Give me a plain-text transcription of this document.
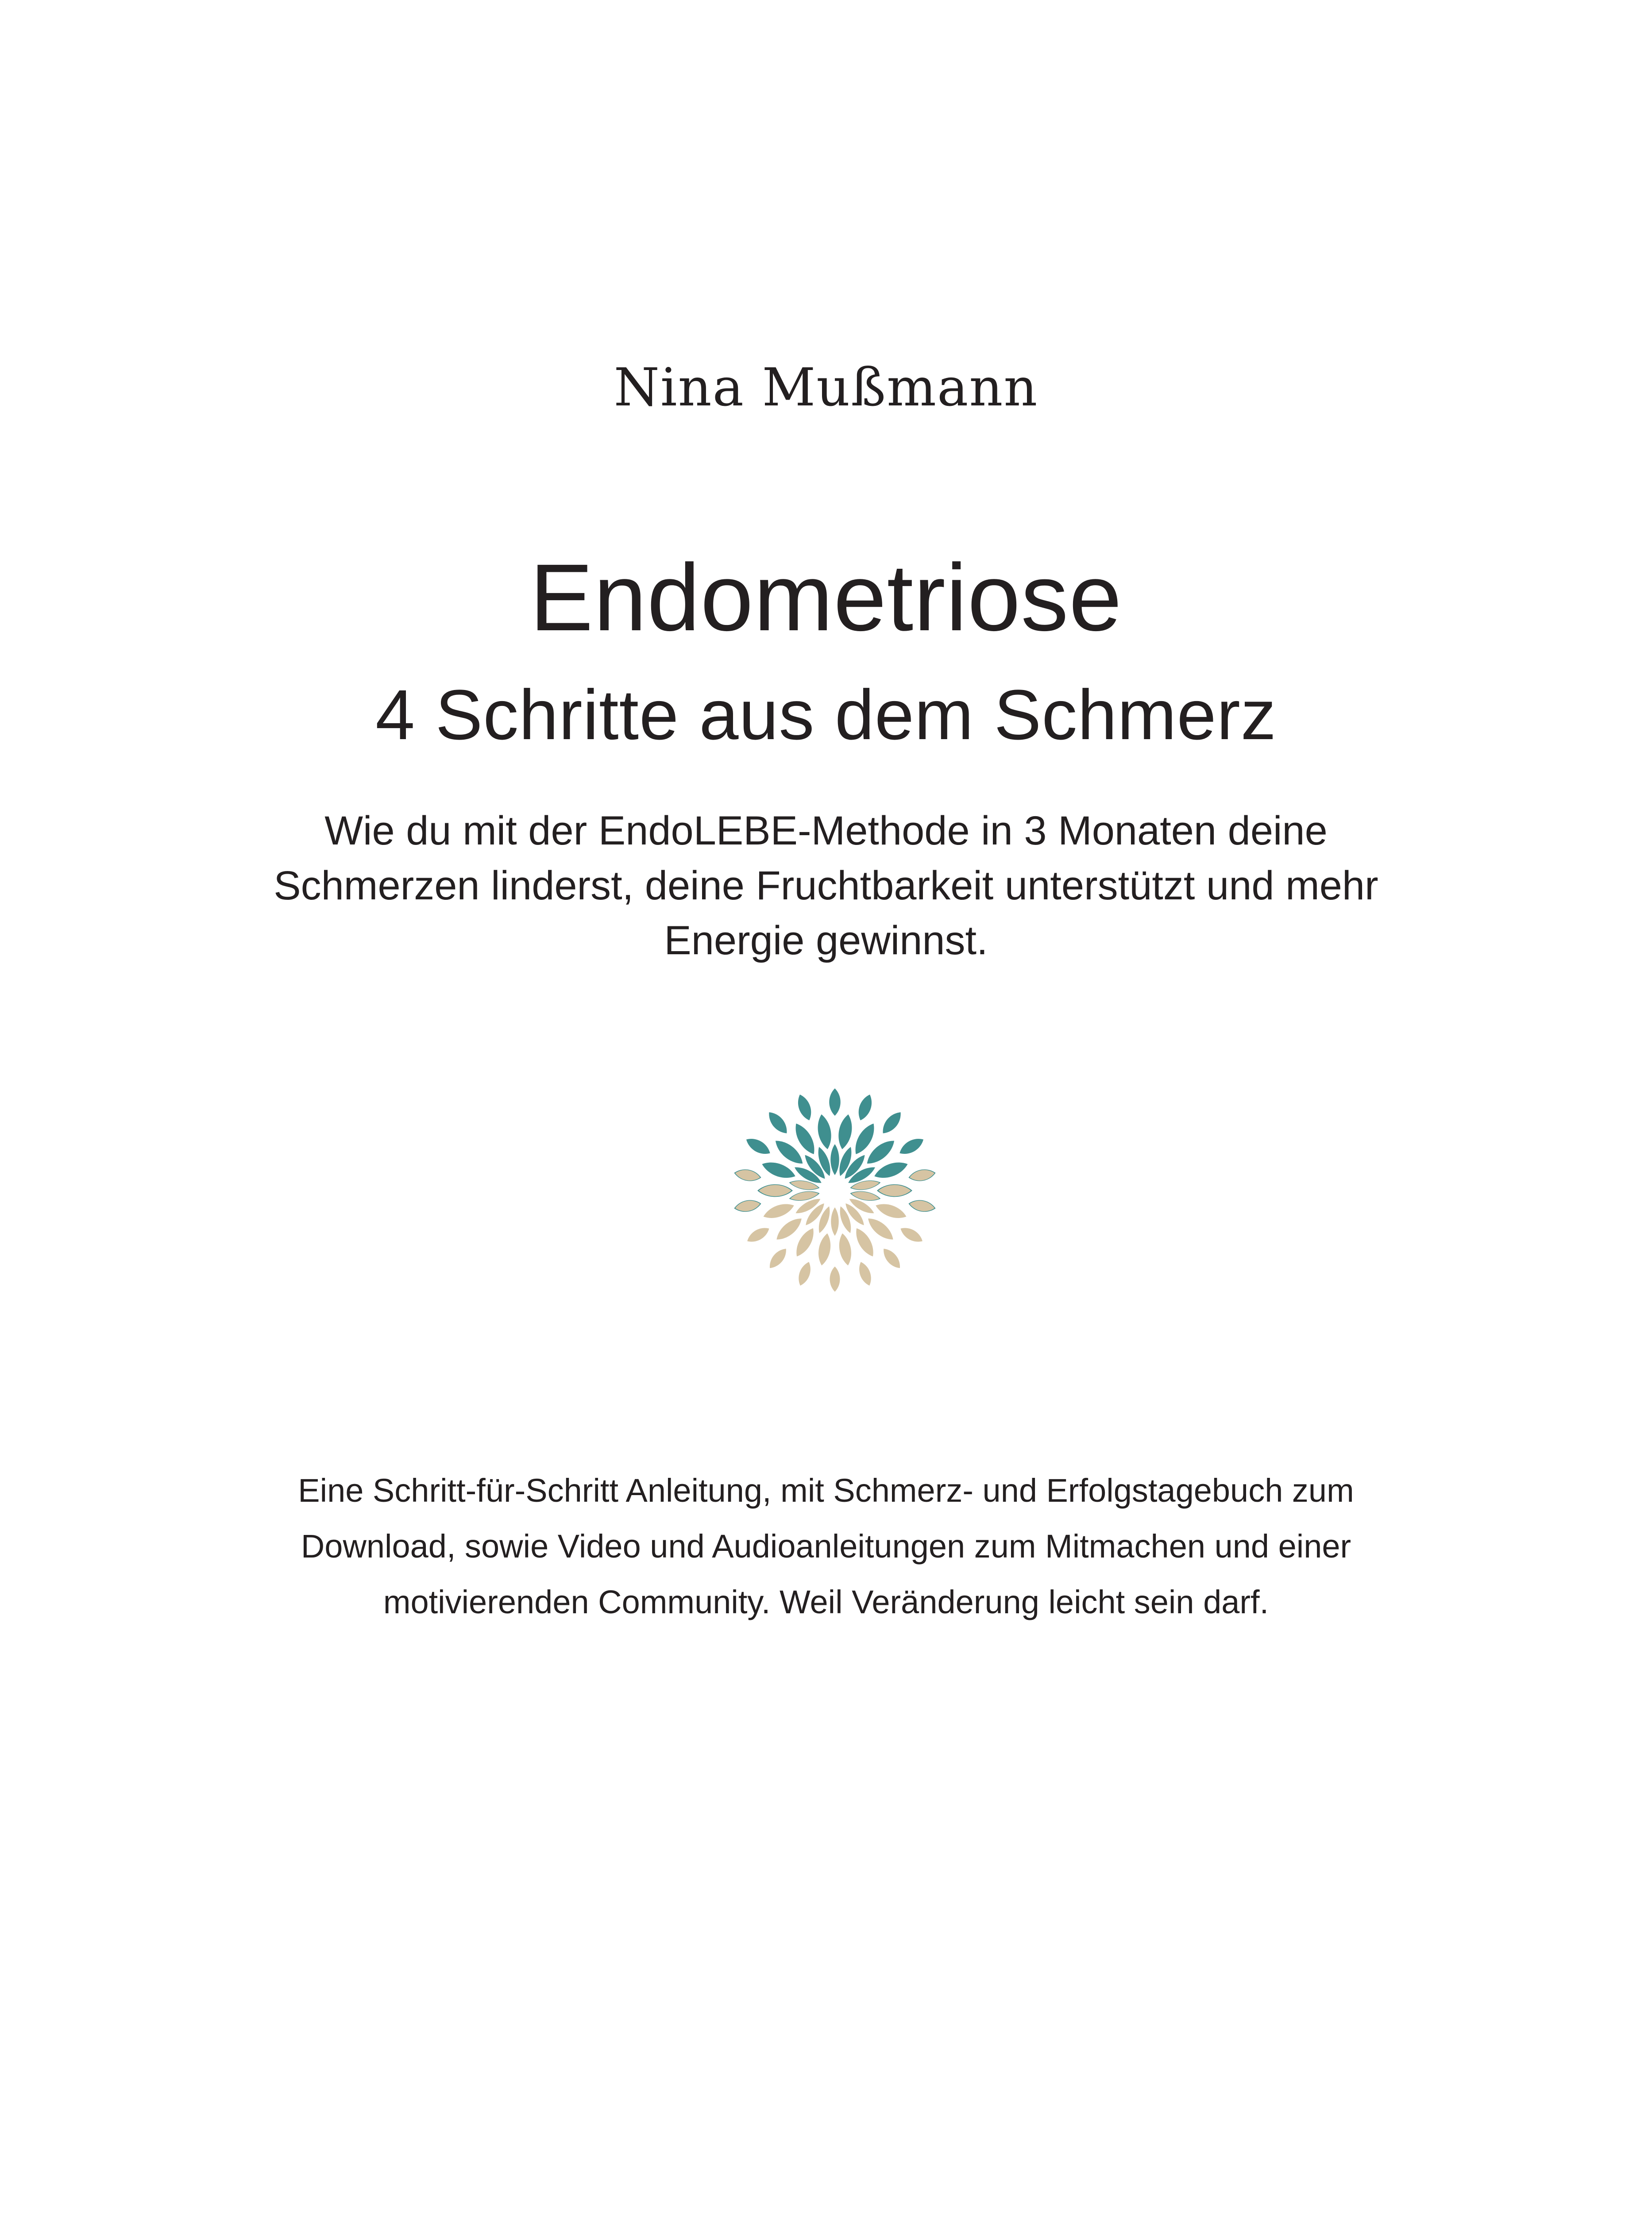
Nina Mußmann
Endometriose
4 Schritte aus dem Schmerz

Wie du mit der EndoLEBE-Methode in 3 Monaten deine Schmerzen linderst, deine Fruchtbarkeit unterstützt und mehr Energie gewinnst.

Eine Schritt-für-Schritt Anleitung, mit Schmerz- und Erfolgstagebuch zum Download, sowie Video und Audioanleitungen zum Mitmachen und einer motivierenden Community. Weil Veränderung leicht sein darf.
